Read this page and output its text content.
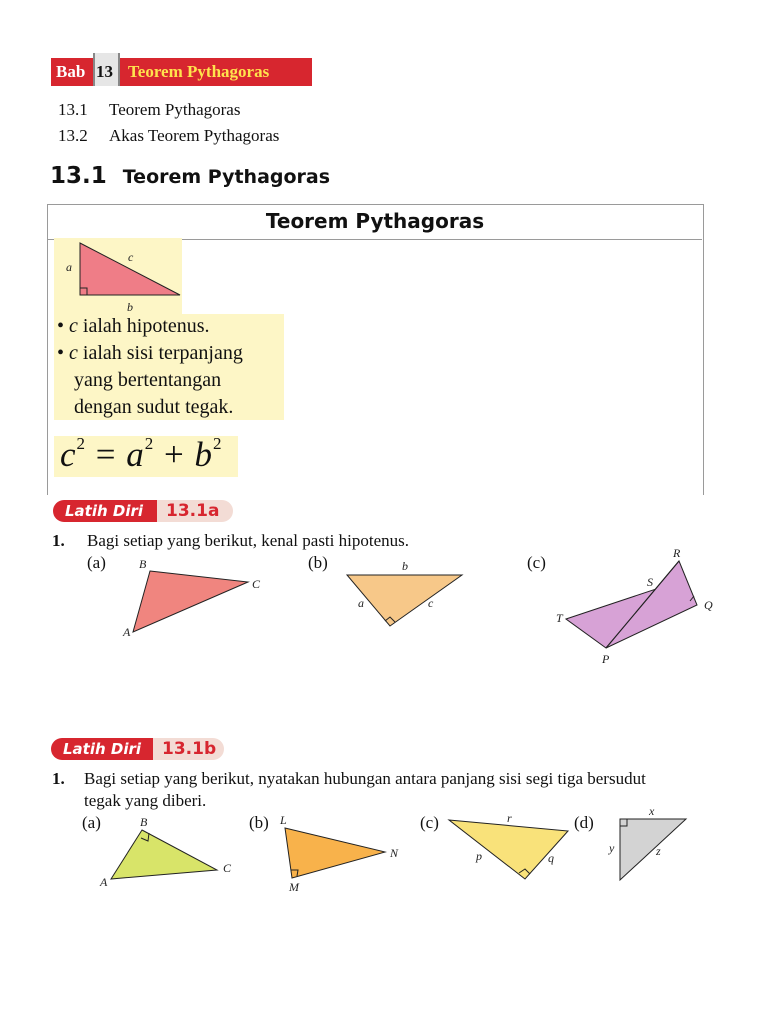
Bab 13 Teorem Pythagoras
13.1 Teorem Pythagoras
13.2 Akas Teorem Pythagoras
13.1 Teorem Pythagoras
Teorem Pythagoras
a
c
b
• c ialah hipotenus.
• c ialah sisi terpanjang
yang bertentangan
dengan sudut tegak.
$c^2 = a^2 + b^2$
Latih Diri	13.1a
1. Bagi setiap yang berikut, kenal pasti hipotenus.
(a)	(b)	(c)
B
C
A
b
a	c
R
S
Q
T
P
Latih Diri	13.1b
1. Bagi setiap yang berikut, nyatakan hubungan antara panjang sisi segi tiga bersudut
tegak yang diberi.
(a)	(b)	(c)	(d)
B
A
C
L
N
M
r
p	q
x
y	z
